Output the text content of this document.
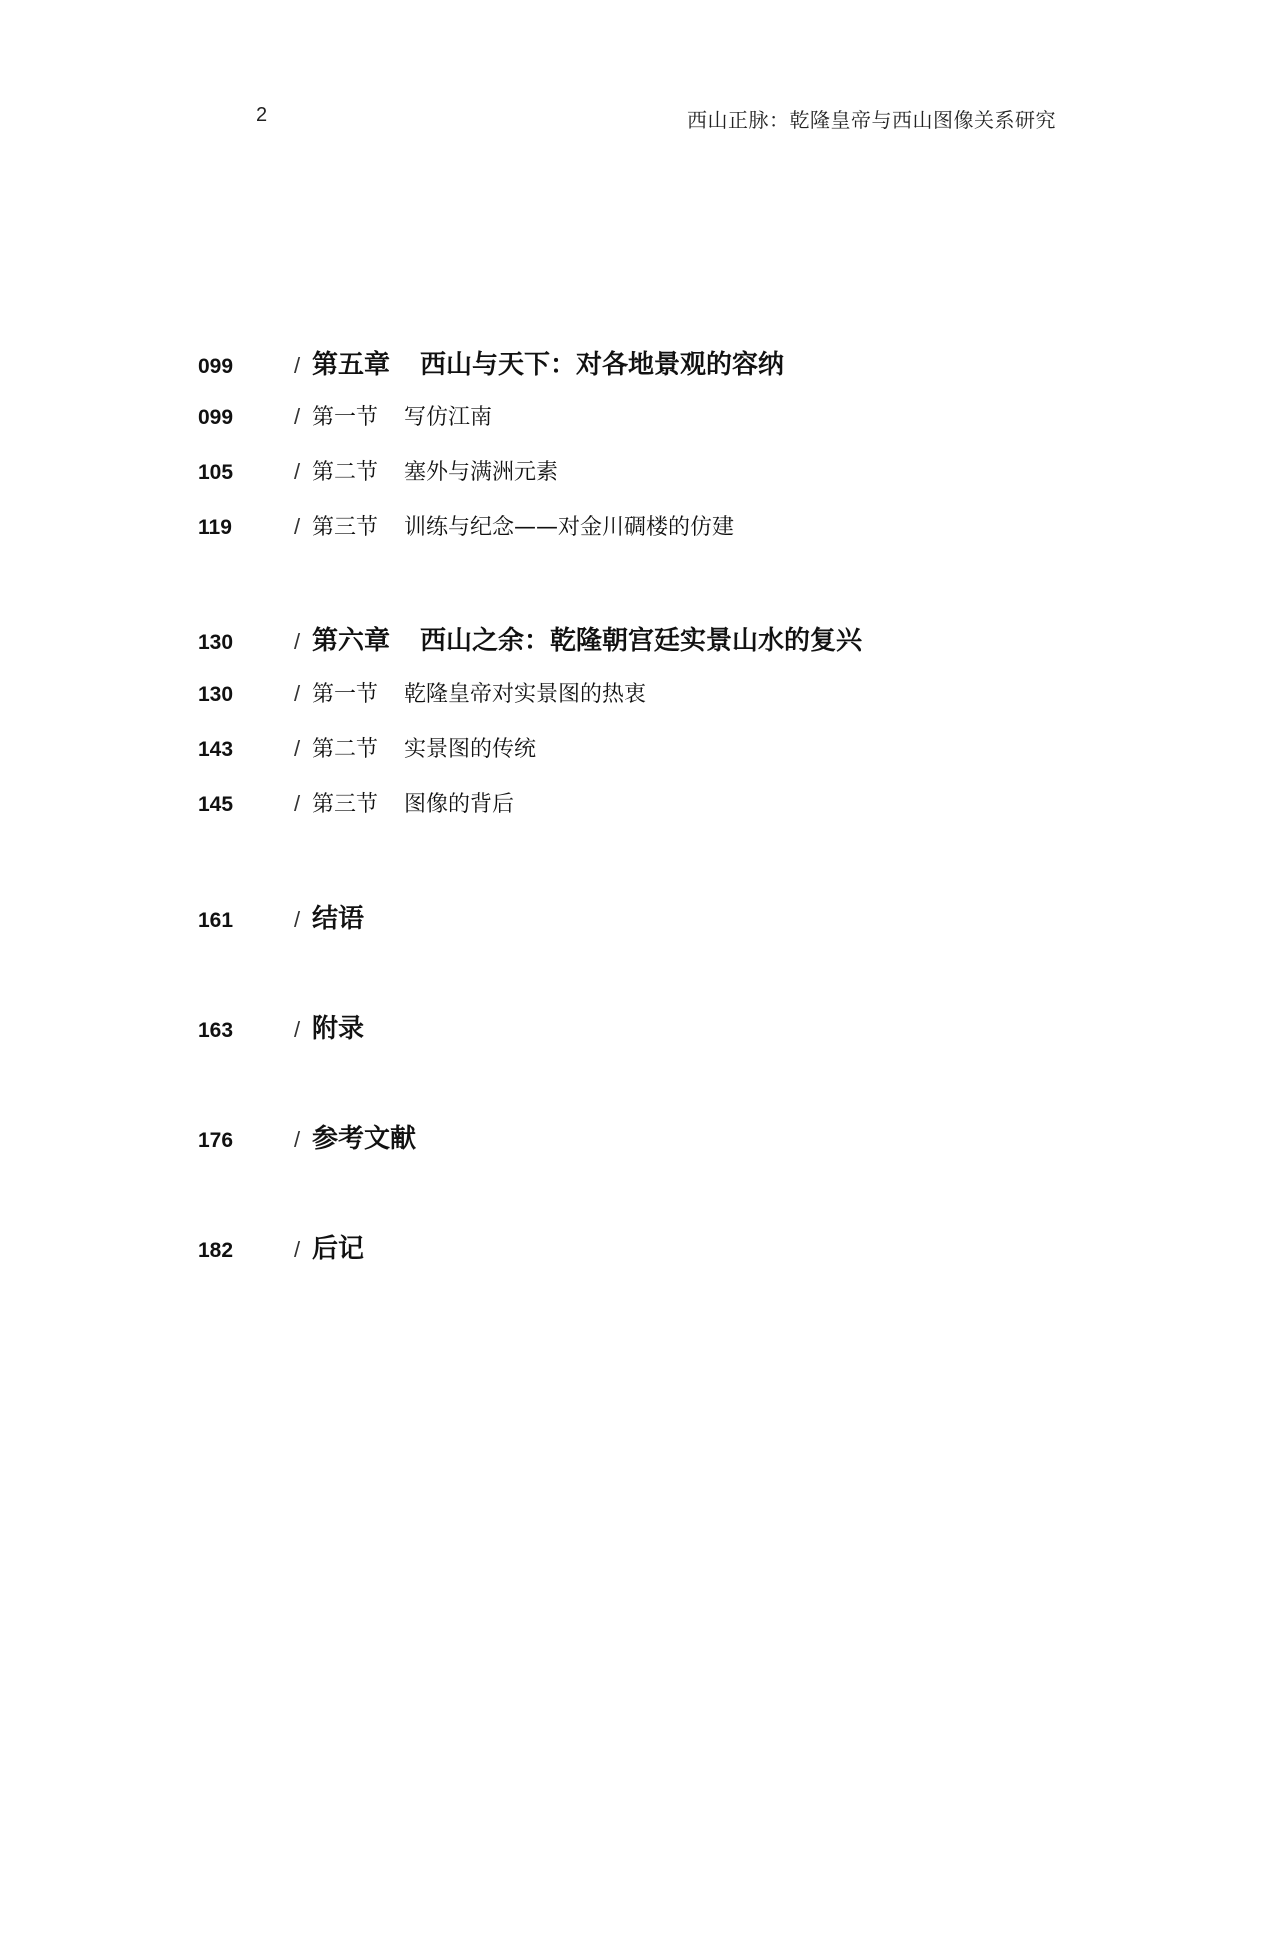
2	西山正脉：乾隆皇帝与西山图像关系研究
099	/ 第五章 西山与天下：对各地景观的容纳
099	/ 第一节 写仿江南
105	/ 第二节 塞外与满洲元素
119	/ 第三节 训练与纪念——对金川碉楼的仿建
130	/ 第六章 西山之余：乾隆朝宫廷实景山水的复兴
130	/ 第一节 乾隆皇帝对实景图的热衷
143	/ 第二节 实景图的传统
145	/ 第三节 图像的背后
161	/ 结语
163	/ 附录
176	/ 参考文献
182	/ 后记
